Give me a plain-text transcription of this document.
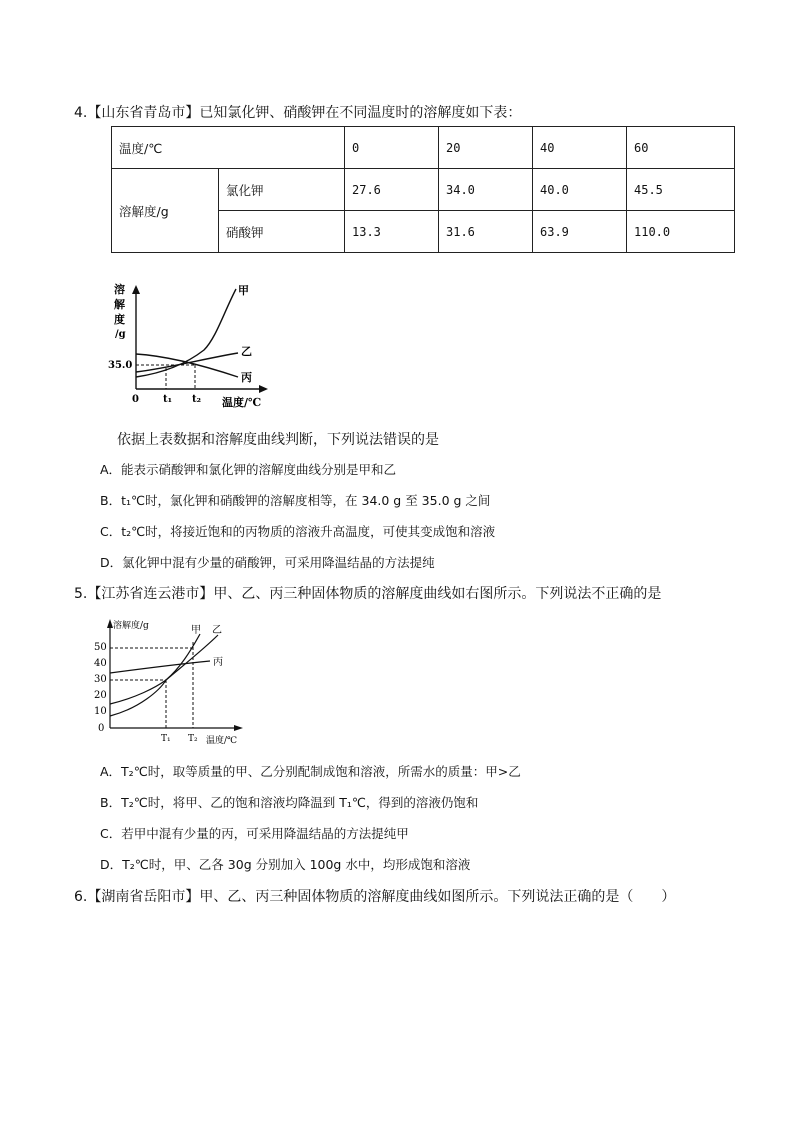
4.【山东省青岛市】已知氯化钾、硝酸钾在不同温度时的溶解度如下表：
温度/℃		0	20	40	60
溶解度/g	氯化钾	27.6	34.0	40.0	45.5
	硝酸钾	13.3	31.6	63.9	110.0
溶
解
度
/g
甲
乙
丙
35.0
0 t₁ t₂ 温度/℃
依据上表数据和溶解度曲线判断，下列说法错误的是
A．能表示硝酸钾和氯化钾的溶解度曲线分别是甲和乙
B．t₁℃时，氯化钾和硝酸钾的溶解度相等，在 34.0 g 至 35.0 g 之间
C．t₂℃时，将接近饱和的丙物质的溶液升高温度，可使其变成饱和溶液
D．氯化钾中混有少量的硝酸钾，可采用降温结晶的方法提纯
5.【江苏省连云港市】甲、乙、丙三种固体物质的溶解度曲线如右图所示。下列说法不正确的是
溶解度/g
50
40
30
20
10
0
甲 乙
丙
T₁ T₂ 温度/℃
A．T₂℃时，取等质量的甲、乙分别配制成饱和溶液，所需水的质量：甲>乙
B．T₂℃时，将甲、乙的饱和溶液均降温到 T₁℃，得到的溶液仍饱和
C．若甲中混有少量的丙，可采用降温结晶的方法提纯甲
D．T₂℃时，甲、乙各 30g 分别加入 100g 水中，均形成饱和溶液
6.【湖南省岳阳市】甲、乙、丙三种固体物质的溶解度曲线如图所示。下列说法正确的是（　　）
